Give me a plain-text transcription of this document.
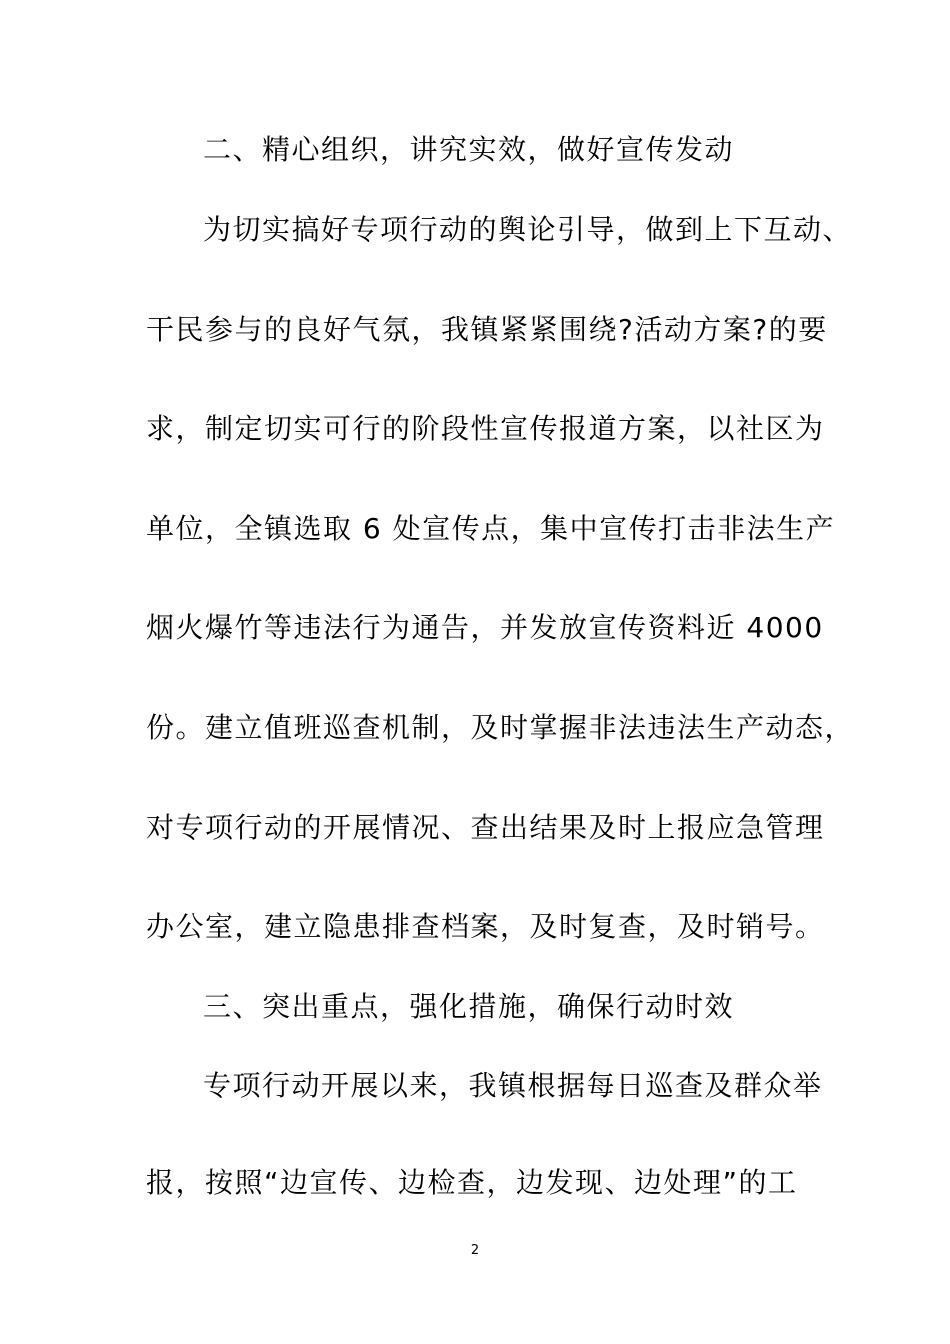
二、精心组织，讲究实效，做好宣传发动
为切实搞好专项行动的舆论引导，做到上下互动、
干民参与的良好气氛，我镇紧紧围绕?活动方案?的要
求，制定切实可行的阶段性宣传报道方案，以社区为
单位，全镇选取 6 处宣传点，集中宣传打击非法生产
烟火爆竹等违法行为通告，并发放宣传资料近 4000
份。建立值班巡查机制，及时掌握非法违法生产动态，
对专项行动的开展情况、查出结果及时上报应急管理
办公室，建立隐患排查档案，及时复查，及时销号。
三、突出重点，强化措施，确保行动时效
专项行动开展以来，我镇根据每日巡查及群众举
报，按照“边宣传、边检查，边发现、边处理”的工
2
